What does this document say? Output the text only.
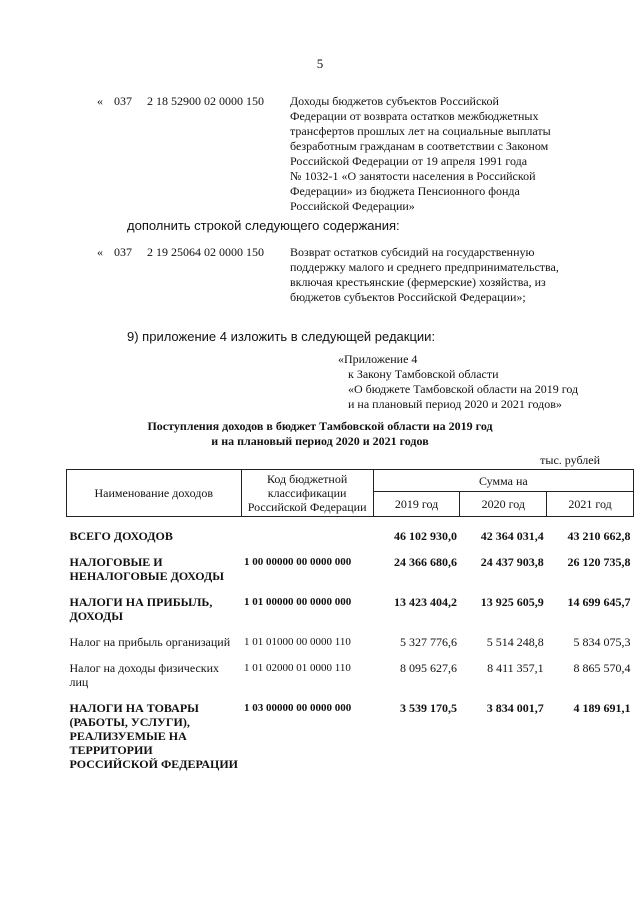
5
« 037 2 18 52900 02 0000 150 Доходы бюджетов субъектов Российской
Федерации от возврата остатков межбюджетных
трансфертов прошлых лет на социальные выплаты
безработным гражданам в соответствии с Законом
Российской Федерации от 19 апреля 1991 года
№ 1032-1 «О занятости населения в Российской
Федерации» из бюджета Пенсионного фонда
Российской Федерации»
дополнить строкой следующего содержания:
« 037 2 19 25064 02 0000 150 Возврат остатков субсидий на государственную
поддержку малого и среднего предпринимательства,
включая крестьянские (фермерские) хозяйства, из
бюджетов субъектов Российской Федерации»;
9) приложение 4 изложить в следующей редакции:
«Приложение 4
к Закону Тамбовской области
«О бюджете Тамбовской области на 2019 год
и на плановый период 2020 и 2021 годов»
Поступления доходов в бюджет Тамбовской области на 2019 год
и на плановый период 2020 и 2021 годов
тыс. рублей
Наименование доходов	Код бюджетной классификации Российской Федерации	Сумма на		
		2019 год	2020 год	2021 год

ВСЕГО ДОХОДОВ		46 102 930,0	42 364 031,4	43 210 662,8

НАЛОГОВЫЕ И НЕНАЛОГОВЫЕ ДОХОДЫ	1 00 00000 00 0000 000	24 366 680,6	24 437 903,8	26 120 735,8

НАЛОГИ НА ПРИБЫЛЬ, ДОХОДЫ	1 01 00000 00 0000 000	13 423 404,2	13 925 605,9	14 699 645,7

Налог на прибыль организаций	1 01 01000 00 0000 110	5 327 776,6	5 514 248,8	5 834 075,3

Налог на доходы физических лиц	1 01 02000 01 0000 110	8 095 627,6	8 411 357,1	8 865 570,4

НАЛОГИ НА ТОВАРЫ (РАБОТЫ, УСЛУГИ), РЕАЛИЗУЕМЫЕ НА ТЕРРИТОРИИ РОССИЙСКОЙ ФЕДЕРАЦИИ	1 03 00000 00 0000 000	3 539 170,5	3 834 001,7	4 189 691,1
